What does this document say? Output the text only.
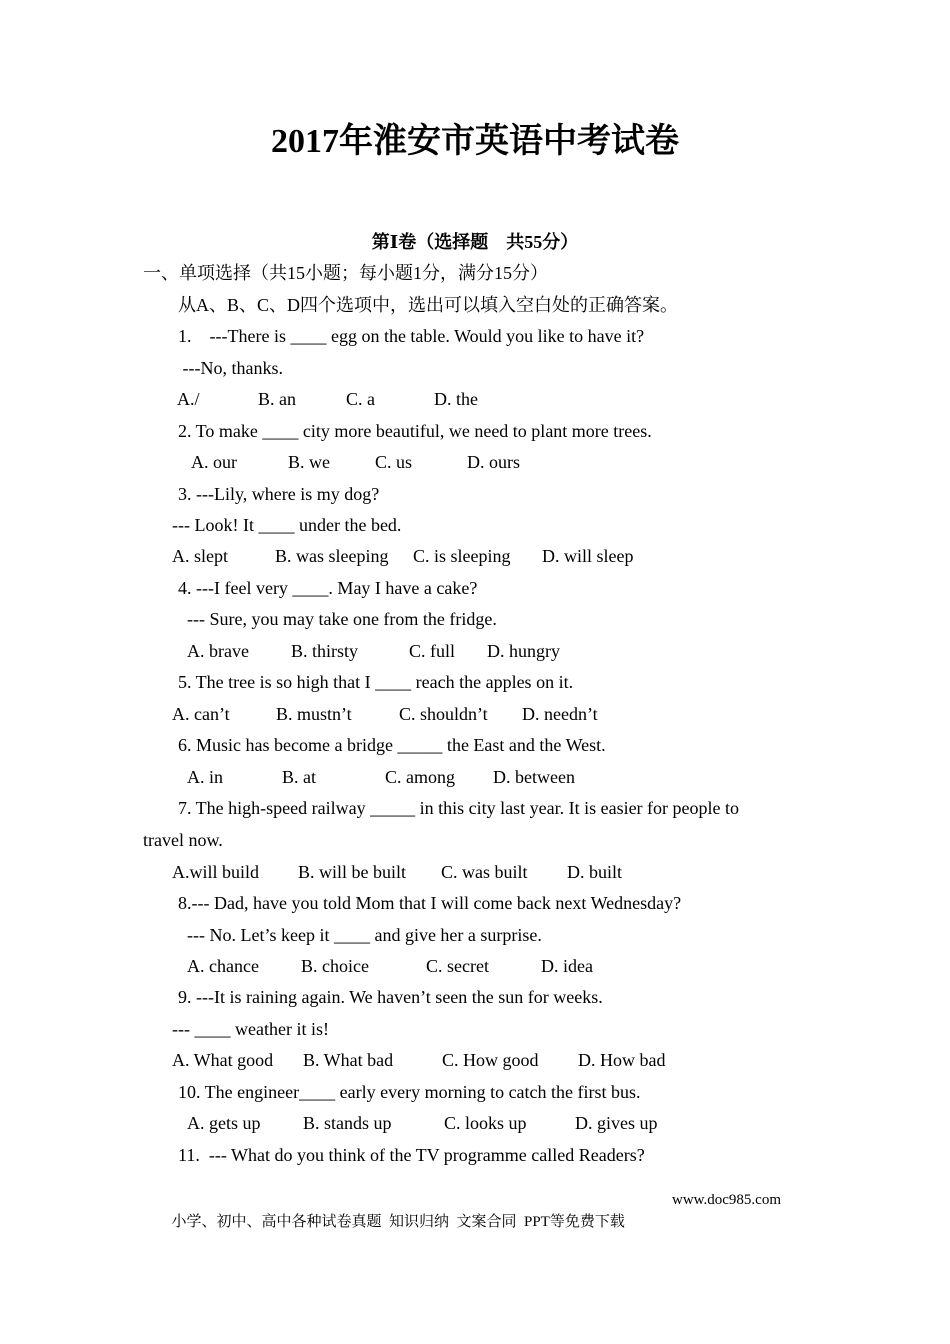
2017年淮安市英语中考试卷
第Ⅰ卷（选择题　共55分）
一、单项选择（共15小题；每小题1分，满分15分）
从A、B、C、D四个选项中，选出可以填入空白处的正确答案。
1.    ---There is ____ egg on the table. Would you like to have it?
---No, thanks.
A./	B. an	C. a	D. the
2. To make ____ city more beautiful, we need to plant more trees.
A. our	B. we	C. us	D. ours
3. ---Lily, where is my dog?
--- Look! It ____ under the bed.
A. slept	B. was sleeping C. is sleeping D. will sleep
4. ---I feel very ____. May I have a cake?
--- Sure, you may take one from the fridge.
A. brave B. thirsty	C. full D. hungry
5. The tree is so high that I ____ reach the apples on it.
A. can’t	B. mustn’t	C. shouldn’t D. needn’t
6. Music has become a bridge _____ the East and the West.
A. in	B. at	C. among D. between
7. The high-speed railway _____ in this city last year. It is easier for people to
travel now.
A.will build B. will be built C. was built D. built
8.--- Dad, have you told Mom that I will come back next Wednesday?
--- No. Let’s keep it ____ and give her a surprise.
A. chance B. choice	C. secret	D. idea
9. ---It is raining again. We haven’t seen the sun for weeks.
--- ____ weather it is!
A. What good B. What bad	C. How good D. How bad
10. The engineer____ early every morning to catch the first bus.
A. gets up B. stands up	C. looks up	D. gives up
11.  --- What do you think of the TV programme called Readers?

小学、初中、高中各种试卷真题  知识归纳  文案合同  PPT等免费下载

www.doc985.com
